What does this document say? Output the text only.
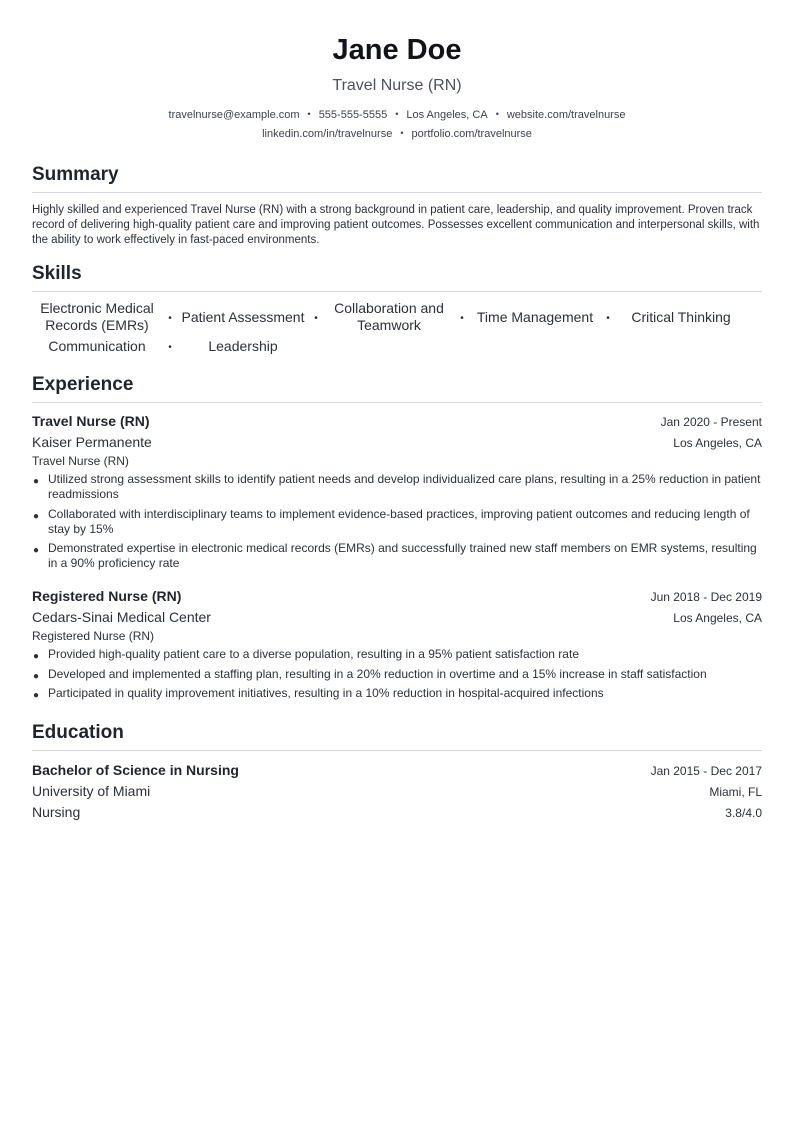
Jane Doe
Travel Nurse (RN)
travelnurse@example.com • 555-555-5555 • Los Angeles, CA • website.com/travelnurse
linkedin.com/in/travelnurse • portfolio.com/travelnurse
Summary

Highly skilled and experienced Travel Nurse (RN) with a strong background in patient care, leadership, and quality improvement. Proven track record of delivering high-quality patient care and improving patient outcomes. Possesses excellent communication and interpersonal skills, with the ability to work effectively in fast-paced environments.

Skills
Electronic Medical Records (EMRs)	• Patient Assessment •
Collaboration and Teamwork	• Time Management	•	Critical Thinking
Communication	•	Leadership
Experience
Travel Nurse (RN)	Jan 2020 - Present
Kaiser Permanente	Los Angeles, CA
Travel Nurse (RN)
● Utilized strong assessment skills to identify patient needs and develop individualized care plans, resulting in a 25% reduction in patient readmissions
● Collaborated with interdisciplinary teams to implement evidence-based practices, improving patient outcomes and reducing length of stay by 15%
● Demonstrated expertise in electronic medical records (EMRs) and successfully trained new staff members on EMR systems, resulting in a 90% proficiency rate
Registered Nurse (RN)	Jun 2018 - Dec 2019
Cedars-Sinai Medical Center	Los Angeles, CA
Registered Nurse (RN)
● Provided high-quality patient care to a diverse population, resulting in a 95% patient satisfaction rate
● Developed and implemented a staffing plan, resulting in a 20% reduction in overtime and a 15% increase in staff satisfaction
● Participated in quality improvement initiatives, resulting in a 10% reduction in hospital-acquired infections
Education
Bachelor of Science in Nursing	Jan 2015 - Dec 2017
University of Miami	Miami, FL
Nursing	3.8/4.0
